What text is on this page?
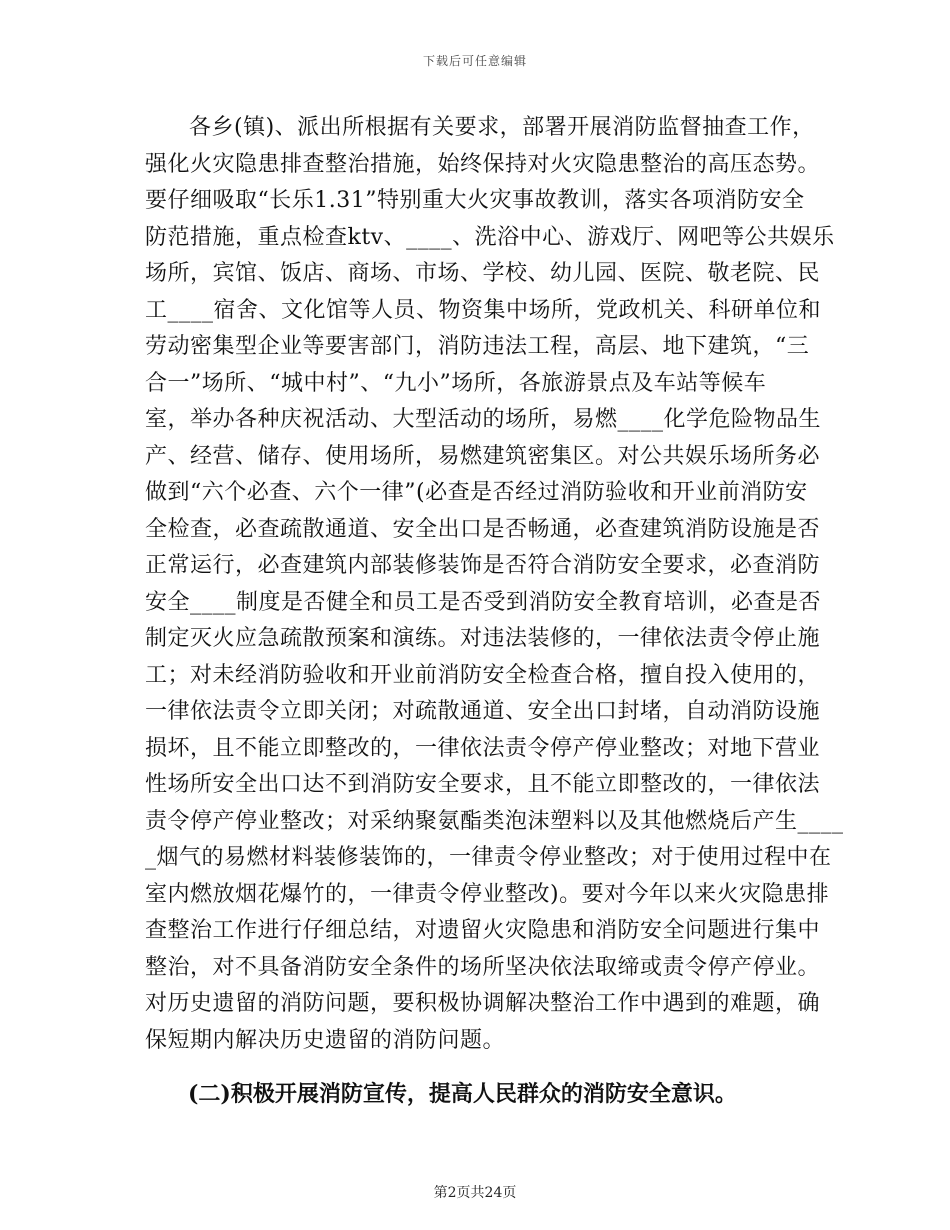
下载后可任意编辑
各乡(镇)、派出所根据有关要求，部署开展消防监督抽查工作，
强化火灾隐患排查整治措施，始终保持对火灾隐患整治的高压态势。
要仔细吸取“长乐1.31”特别重大火灾事故教训，落实各项消防安全
防范措施，重点检查ktv、____、洗浴中心、游戏厅、网吧等公共娱乐
场所，宾馆、饭店、商场、市场、学校、幼儿园、医院、敬老院、民
工____宿舍、文化馆等人员、物资集中场所，党政机关、科研单位和
劳动密集型企业等要害部门，消防违法工程，高层、地下建筑，“三
合一”场所、“城中村”、“九小”场所，各旅游景点及车站等候车
室，举办各种庆祝活动、大型活动的场所，易燃____化学危险物品生
产、经营、储存、使用场所，易燃建筑密集区。对公共娱乐场所务必
做到“六个必查、六个一律”(必查是否经过消防验收和开业前消防安
全检查，必查疏散通道、安全出口是否畅通，必查建筑消防设施是否
正常运行，必查建筑内部装修装饰是否符合消防安全要求，必查消防
安全____制度是否健全和员工是否受到消防安全教育培训，必查是否
制定灭火应急疏散预案和演练。对违法装修的，一律依法责令停止施
工；对未经消防验收和开业前消防安全检查合格，擅自投入使用的，
一律依法责令立即关闭；对疏散通道、安全出口封堵，自动消防设施
损坏，且不能立即整改的，一律依法责令停产停业整改；对地下营业
性场所安全出口达不到消防安全要求，且不能立即整改的，一律依法
责令停产停业整改；对采纳聚氨酯类泡沫塑料以及其他燃烧后产生____
_烟气的易燃材料装修装饰的，一律责令停业整改；对于使用过程中在
室内燃放烟花爆竹的，一律责令停业整改)。要对今年以来火灾隐患排
查整治工作进行仔细总结，对遗留火灾隐患和消防安全问题进行集中
整治，对不具备消防安全条件的场所坚决依法取缔或责令停产停业。
对历史遗留的消防问题，要积极协调解决整治工作中遇到的难题，确
保短期内解决历史遗留的消防问题。
(二)积极开展消防宣传，提高人民群众的消防安全意识。
第2页共24页
